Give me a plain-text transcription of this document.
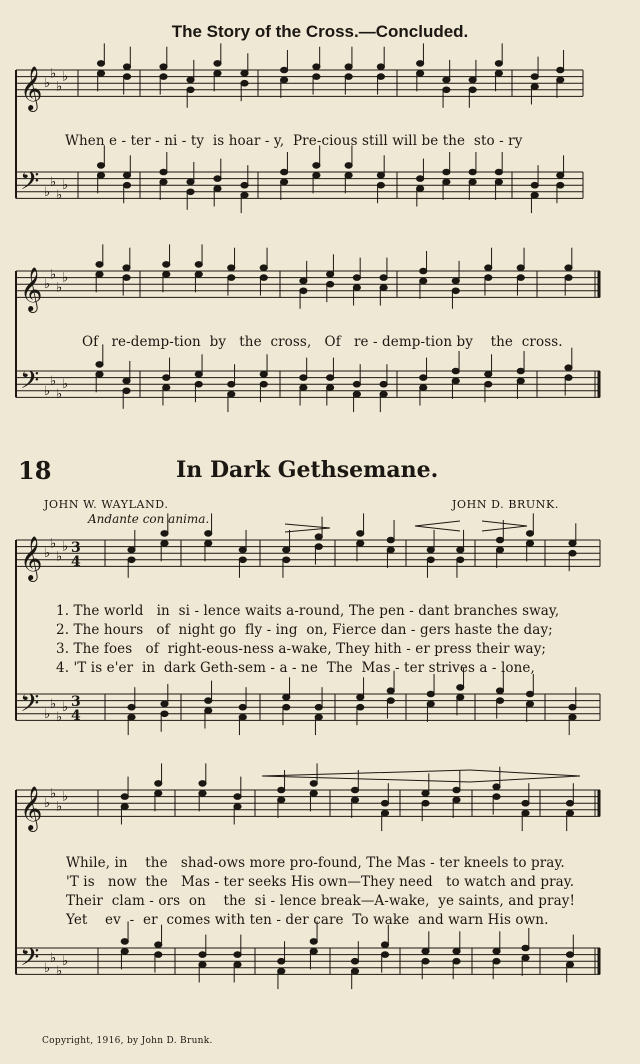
The Story of the Cross.—Concluded.
𝄞 ♭
♭
♭
♭
𝄢 ♭
♭
♭
♭
𝄞 ♭
♭
♭
♭
𝄢 ♭
♭
♭
♭
𝄞 ♭
♭
♭
♭
𝄢 ♭
♭
♭
♭
𝄞 ♭
♭
♭
♭
𝄢 ♭
♭
♭
♭
3
4
3
4
When e - ter - ni - ty  is hoar - y,  Pre-cious still will be the  sto - ry
Of   re-demp-tion  by   the  cross,   Of   re - demp-tion by    the  cross.
18	In Dark Gethsemane.
JOHN W. WAYLAND.	JOHN D. BRUNK.
Andante con anima.
1. The world   in  si - lence waits a-round, The pen - dant branches sway,
2. The hours   of  night go  fly - ing  on, Fierce dan - gers haste the day;
3. The foes   of  right-eous-ness a-wake, They hith - er press their way;
4. 'T is e'er  in  dark Geth-sem - a - ne  The  Mas - ter strives a - lone,
While, in    the   shad-ows more pro-found, The Mas - ter kneels to pray.
'T is   now  the   Mas - ter seeks His own—They need   to watch and pray.
Their  clam - ors  on    the  si - lence break—A-wake,  ye saints, and pray!
Yet    ev  -  er  comes with ten - der care  To wake  and warn His own.
Copyright, 1916, by John D. Brunk.
